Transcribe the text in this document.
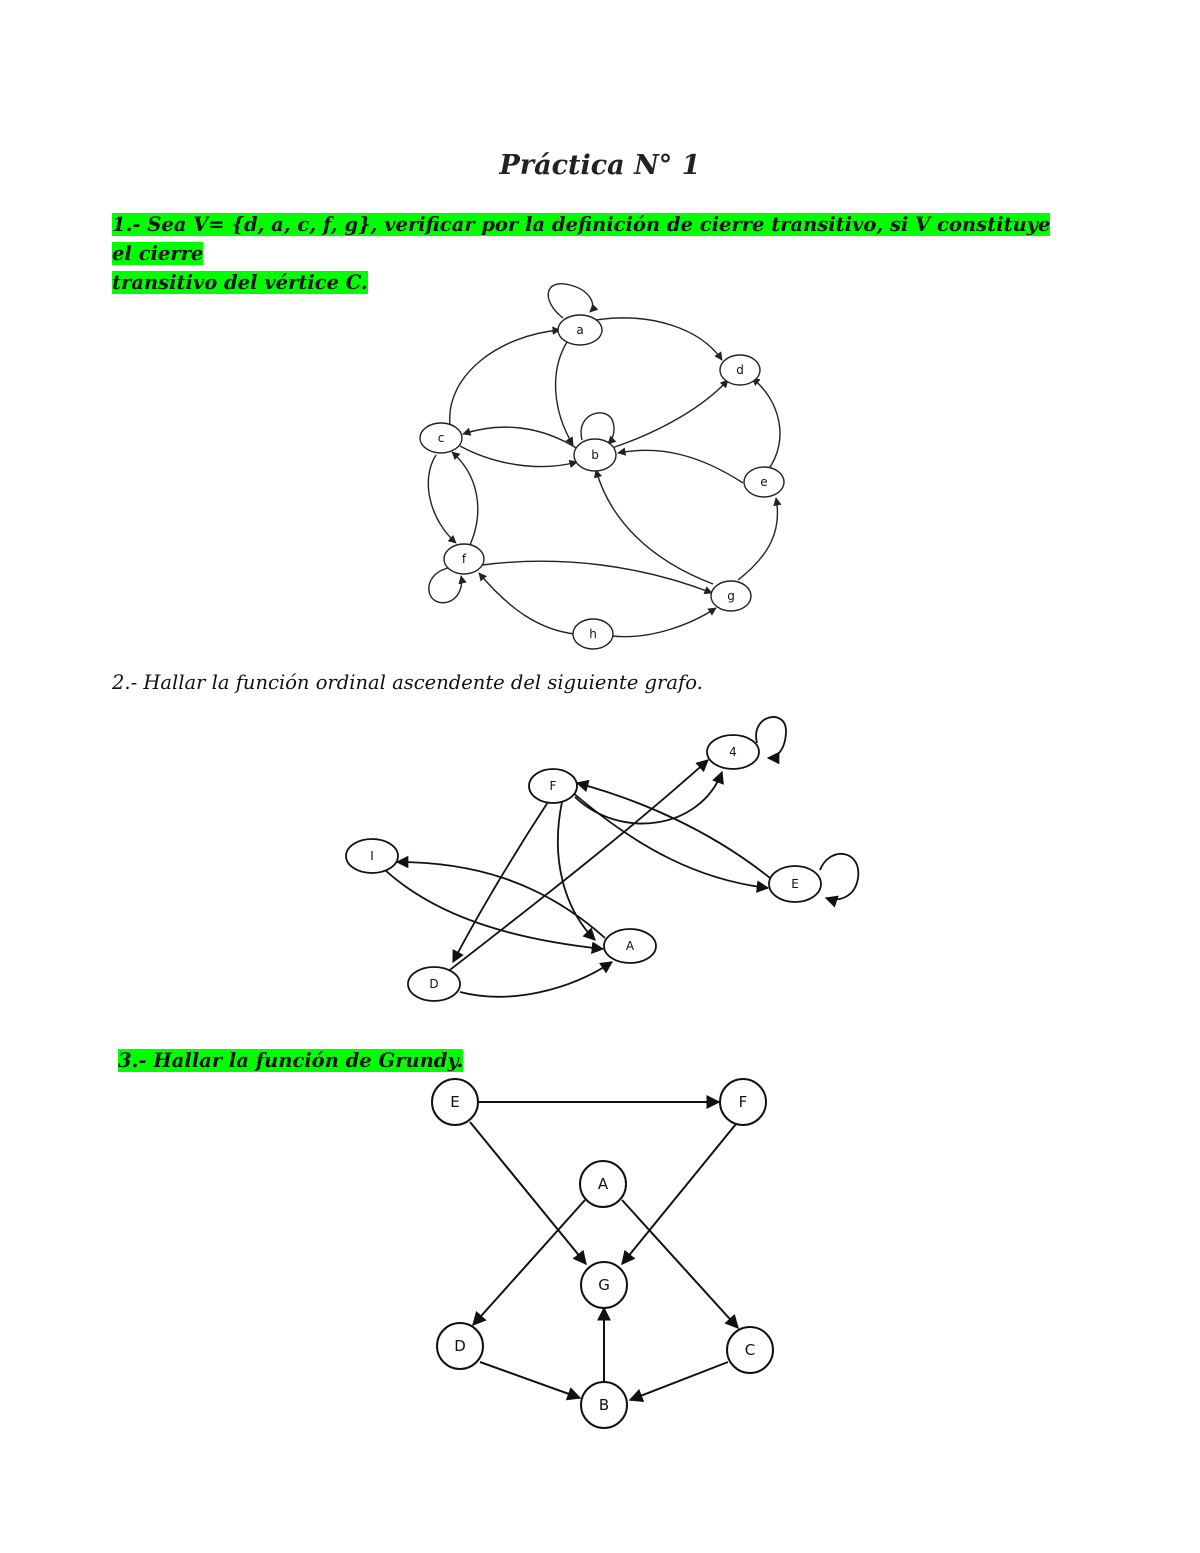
Práctica N° 1
1.- Sea V= {d, a, c, f, g}, verificar por la definición de cierre transitivo, si V constituye el cierre
transitivo del vértice C.
a
d
c
b
e
f
g
h
2.- Hallar la función ordinal ascendente del siguiente grafo.
4
F
I
E
A
D
3.- Hallar la función de Grundy.
E	F
A
G
D	C
B
